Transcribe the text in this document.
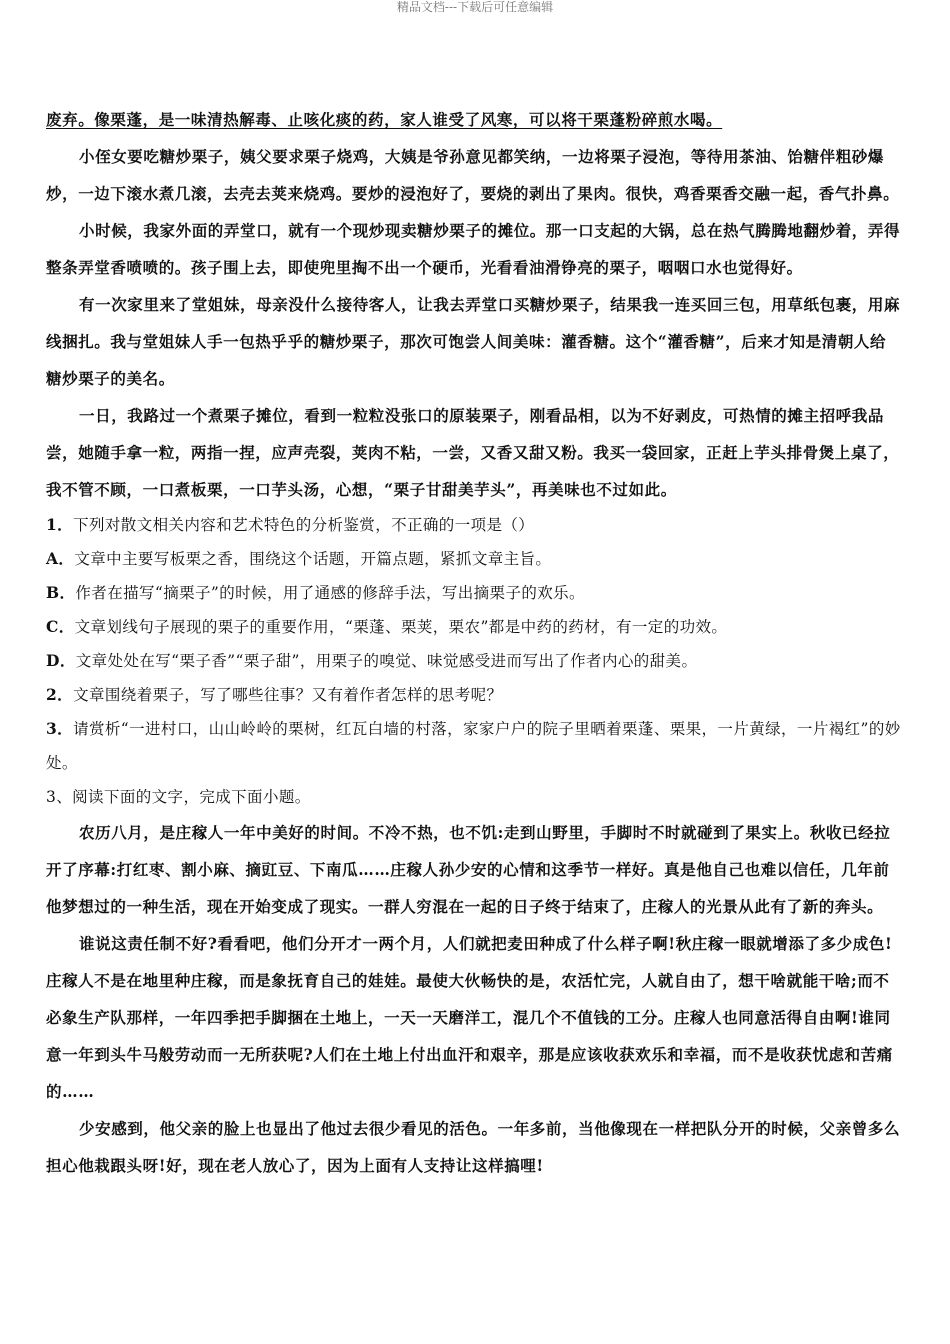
精品文档---下载后可任意编辑

废弃。像栗蓬，是一味清热解毒、止咳化痰的药，家人谁受了风寒，可以将干栗蓬粉碎煎水喝。

小侄女要吃糖炒栗子，姨父要求栗子烧鸡，大姨是爷孙意见都笑纳，一边将栗子浸泡，等待用茶油、饴糖伴粗砂爆炒，一边下滚水煮几滚，去壳去荚来烧鸡。要炒的浸泡好了，要烧的剥出了果肉。很快，鸡香栗香交融一起，香气扑鼻。

小时候，我家外面的弄堂口，就有一个现炒现卖糖炒栗子的摊位。那一口支起的大锅，总在热气腾腾地翻炒着，弄得整条弄堂香喷喷的。孩子围上去，即使兜里掏不出一个硬币，光看看油滑铮亮的栗子，咽咽口水也觉得好。

有一次家里来了堂姐妹，母亲没什么接待客人，让我去弄堂口买糖炒栗子，结果我一连买回三包，用草纸包裹，用麻线捆扎。我与堂姐妹人手一包热乎乎的糖炒栗子，那次可饱尝人间美味：灌香糖。这个“灌香糖”，后来才知是清朝人给糖炒栗子的美名。

一日，我路过一个煮栗子摊位，看到一粒粒没张口的原装栗子，刚看品相，以为不好剥皮，可热情的摊主招呼我品尝，她随手拿一粒，两指一捏，应声壳裂，荚肉不粘，一尝，又香又甜又粉。我买一袋回家，正赶上芋头排骨煲上桌了，我不管不顾，一口煮板栗，一口芋头汤，心想，“栗子甘甜美芋头”，再美味也不过如此。

1．下列对散文相关内容和艺术特色的分析鉴赏，不正确的一项是（）

A．文章中主要写板栗之香，围绕这个话题，开篇点题，紧抓文章主旨。

B．作者在描写“摘栗子”的时候，用了通感的修辞手法，写出摘栗子的欢乐。

C．文章划线句子展现的栗子的重要作用，“栗蓬、栗荚，栗农”都是中药的药材，有一定的功效。

D．文章处处在写“栗子香”“栗子甜”，用栗子的嗅觉、味觉感受进而写出了作者内心的甜美。

2．文章围绕着栗子，写了哪些往事？又有着作者怎样的思考呢？

3．请赏析“一进村口，山山岭岭的栗树，红瓦白墙的村落，家家户户的院子里晒着栗蓬、栗果，一片黄绿，一片褐红”的妙处。

3、阅读下面的文字，完成下面小题。

农历八月，是庄稼人一年中美好的时间。不冷不热，也不饥:走到山野里，手脚时不时就碰到了果实上。秋收已经拉开了序幕:打红枣、割小麻、摘豇豆、下南瓜……庄稼人孙少安的心情和这季节一样好。真是他自己也难以信任，几年前他梦想过的一种生活，现在开始变成了现实。一群人穷混在一起的日子终于结束了，庄稼人的光景从此有了新的奔头。

谁说这责任制不好?看看吧，他们分开才一两个月，人们就把麦田种成了什么样子啊!秋庄稼一眼就增添了多少成色!庄稼人不是在地里种庄稼，而是象抚育自己的娃娃。最使大伙畅快的是，农活忙完，人就自由了，想干啥就能干啥;而不必象生产队那样，一年四季把手脚捆在土地上，一天一天磨洋工，混几个不值钱的工分。庄稼人也同意活得自由啊!谁同意一年到头牛马般劳动而一无所获呢?人们在土地上付出血汗和艰辛，那是应该收获欢乐和幸福，而不是收获忧虑和苦痛的……

少安感到，他父亲的脸上也显出了他过去很少看见的活色。一年多前，当他像现在一样把队分开的时候，父亲曾多么担心他栽跟头呀!好，现在老人放心了，因为上面有人支持让这样搞哩!
